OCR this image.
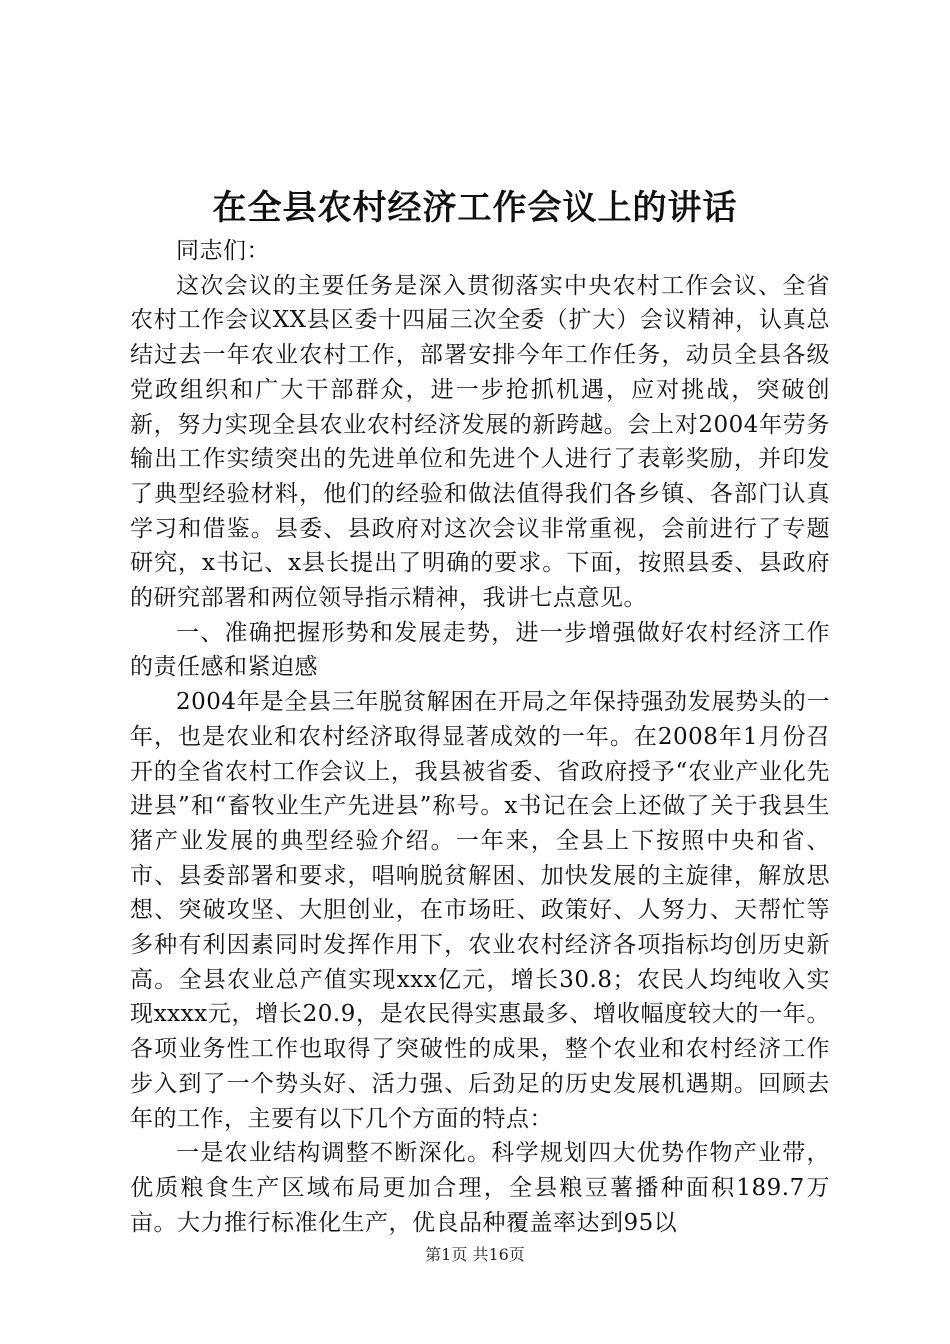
在全县农村经济工作会议上的讲话

同志们：

这次会议的主要任务是深入贯彻落实中央农村工作会议、全省农村工作会议XX县区委十四届三次全委（扩大）会议精神，认真总结过去一年农业农村工作，部署安排今年工作任务，动员全县各级党政组织和广大干部群众，进一步抢抓机遇，应对挑战，突破创新，努力实现全县农业农村经济发展的新跨越。会上对2004年劳务输出工作实绩突出的先进单位和先进个人进行了表彰奖励，并印发了典型经验材料，他们的经验和做法值得我们各乡镇、各部门认真学习和借鉴。县委、县政府对这次会议非常重视，会前进行了专题研究，x书记、x县长提出了明确的要求。下面，按照县委、县政府的研究部署和两位领导指示精神，我讲七点意见。

一、准确把握形势和发展走势，进一步增强做好农村经济工作的责任感和紧迫感

2004年是全县三年脱贫解困在开局之年保持强劲发展势头的一年，也是农业和农村经济取得显著成效的一年。在2008年1月份召开的全省农村工作会议上，我县被省委、省政府授予“农业产业化先进县”和“畜牧业生产先进县”称号。x书记在会上还做了关于我县生猪产业发展的典型经验介绍。一年来，全县上下按照中央和省、市、县委部署和要求，唱响脱贫解困、加快发展的主旋律，解放思想、突破攻坚、大胆创业，在市场旺、政策好、人努力、天帮忙等多种有利因素同时发挥作用下，农业农村经济各项指标均创历史新高。全县农业总产值实现xxx亿元，增长30.8；农民人均纯收入实现xxxx元，增长20.9，是农民得实惠最多、增收幅度较大的一年。各项业务性工作也取得了突破性的成果，整个农业和农村经济工作步入到了一个势头好、活力强、后劲足的历史发展机遇期。回顾去年的工作，主要有以下几个方面的特点：

一是农业结构调整不断深化。科学规划四大优势作物产业带，优质粮食生产区域布局更加合理，全县粮豆薯播种面积189.7万亩。大力推行标准化生产，优良品种覆盖率达到95以

第1页 共16页
